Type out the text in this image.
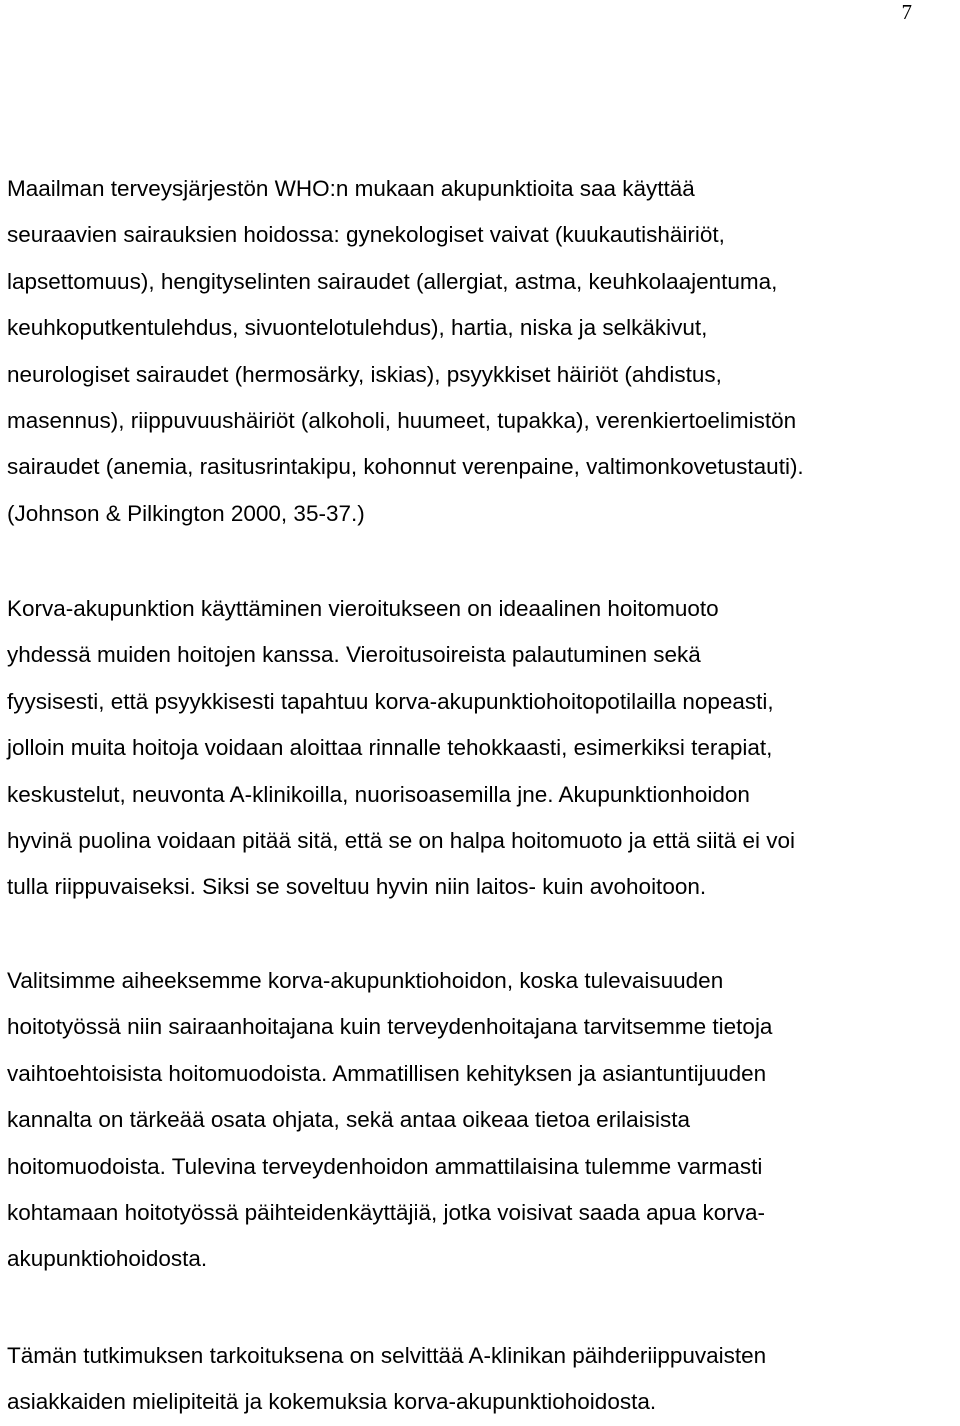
7
Maailman terveysjärjestön WHO:n mukaan akupunktioita saa käyttää
seuraavien sairauksien hoidossa: gynekologiset vaivat (kuukautishäiriöt,
lapsettomuus), hengityselinten sairaudet (allergiat, astma, keuhkolaajentuma,
keuhkoputkentulehdus, sivuontelotulehdus), hartia, niska ja selkäkivut,
neurologiset sairaudet (hermosärky, iskias), psyykkiset häiriöt (ahdistus,
masennus), riippuvuushäiriöt (alkoholi, huumeet, tupakka), verenkiertoelimistön
sairaudet (anemia, rasitusrintakipu, kohonnut verenpaine, valtimonkovetustauti).
(Johnson & Pilkington 2000, 35-37.)
Korva-akupunktion käyttäminen vieroitukseen on ideaalinen hoitomuoto
yhdessä muiden hoitojen kanssa. Vieroitusoireista palautuminen sekä
fyysisesti, että psyykkisesti tapahtuu korva-akupunktiohoitopotilailla nopeasti,
jolloin muita hoitoja voidaan aloittaa rinnalle tehokkaasti, esimerkiksi terapiat,
keskustelut, neuvonta A-klinikoilla, nuorisoasemilla jne. Akupunktionhoidon
hyvinä puolina voidaan pitää sitä, että se on halpa hoitomuoto ja että siitä ei voi
tulla riippuvaiseksi. Siksi se soveltuu hyvin niin laitos- kuin avohoitoon.
Valitsimme aiheeksemme korva-akupunktiohoidon, koska tulevaisuuden
hoitotyössä niin sairaanhoitajana kuin terveydenhoitajana tarvitsemme tietoja
vaihtoehtoisista hoitomuodoista. Ammatillisen kehityksen ja asiantuntijuuden
kannalta on tärkeää osata ohjata, sekä antaa oikeaa tietoa erilaisista
hoitomuodoista. Tulevina terveydenhoidon ammattilaisina tulemme varmasti
kohtamaan hoitotyössä päihteidenkäyttäjiä, jotka voisivat saada apua korva-
akupunktiohoidosta.
Tämän tutkimuksen tarkoituksena on selvittää A-klinikan päihderiippuvaisten
asiakkaiden mielipiteitä ja kokemuksia korva-akupunktiohoidosta.
